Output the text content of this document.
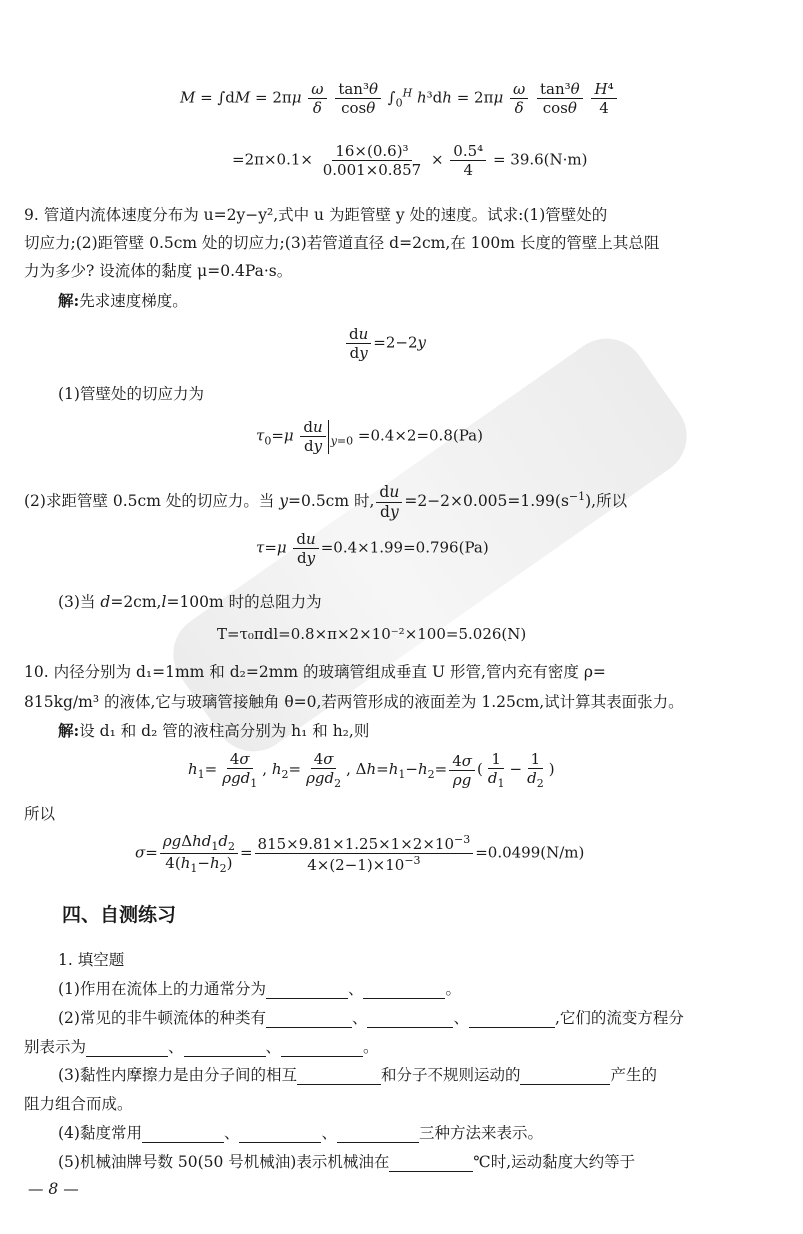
$M = \int dM = 2\pi\mu \frac{\omega}{\delta}$
$\frac{\text{tan³θ}}{\cos\theta} \int_0^H$ $h^3dh = 2\pi\mu \frac{\omega}{\delta}$
$\frac{\text{tan³θ}}{\cos\theta}$
$\frac{\text{H⁴}}{4}$
$=2\pi\times 0.1\times \frac{\text{16×(0.6)³}}{0.001\times 0.857} \times \frac{\text{0.5⁴}}{4} = 39.6(N\cdot m)$
9. 管道内流体速度分布为 u=2y−y²,式中 u 为距管壁 y 处的速度。试求:(1)管壁处的
切应力;(2)距管壁 0.5cm 处的切应力;(3)若管道直径 d=2cm,在 100m 长度的管壁上其总阻
力为多少? 设流体的黏度 μ=0.4Pa·s。
解:先求速度梯度。
$\frac{du}{dy} =2-2y$
(1)管壁处的切应力为
$\tau_0=\mu \frac{du}{dy} _{y=0} =0.4\times 2=0.8(Pa)$
(2)求距管壁 0.5cm 处的切应力。当 y=0.5cm 时, $\frac{du}{dy} =2-2\times 0.005=1.99(s^{-1})$,所以
$\tau=\mu \frac{du}{dy} =0.4\times 1.99=0.796(Pa)$
(3)当 d=2cm,l=100m 时的总阻力为
T=τ₀πdl=0.8×π×2×10⁻²×100=5.026(N)
10. 内径分别为 d₁=1mm 和 d₂=2mm 的玻璃管组成垂直 U 形管,管内充有密度 ρ=
815kg/m³ 的液体,它与玻璃管接触角 θ=0,若两管形成的液面差为 1.25cm,试计算其表面张力。
解:设 d₁ 和 d₂ 管的液柱高分别为 h₁ 和 h₂,则
$h_1= \frac{4\sigma}{\rho gd_1}$ , $h_2= \frac{4\sigma}{\rho gd_2}$ , $\Delta h=h_1-h_2= \frac{4\sigma}{\rho g}$ ( $\frac{1}{d_1} - \frac{1}{d_2}$ )
所以
$\sigma= \frac{\rho g\Delta hd_1d_2}{4(h_1-h_2)} = \frac{815\times 9.81\times 1.25\times 1\times 2\times 10^{-3}}{4\times(2-1)\times 10^{-3}} =0.0499(N/m)$
四、自测练习
1. 填空题
(1)作用在流体上的力通常分为	、	。
(2)常见的非牛顿流体的种类有	、	、	,它们的流变方程分
别表示为	、	、	。
(3)黏性内摩擦力是由分子间的相互	和分子不规则运动的	产生的
阻力组合而成。
(4)黏度常用	、	、	三种方法来表示。
(5)机械油牌号数 50(50 号机械油)表示机械油在	℃时,运动黏度大约等于
— 8 —
